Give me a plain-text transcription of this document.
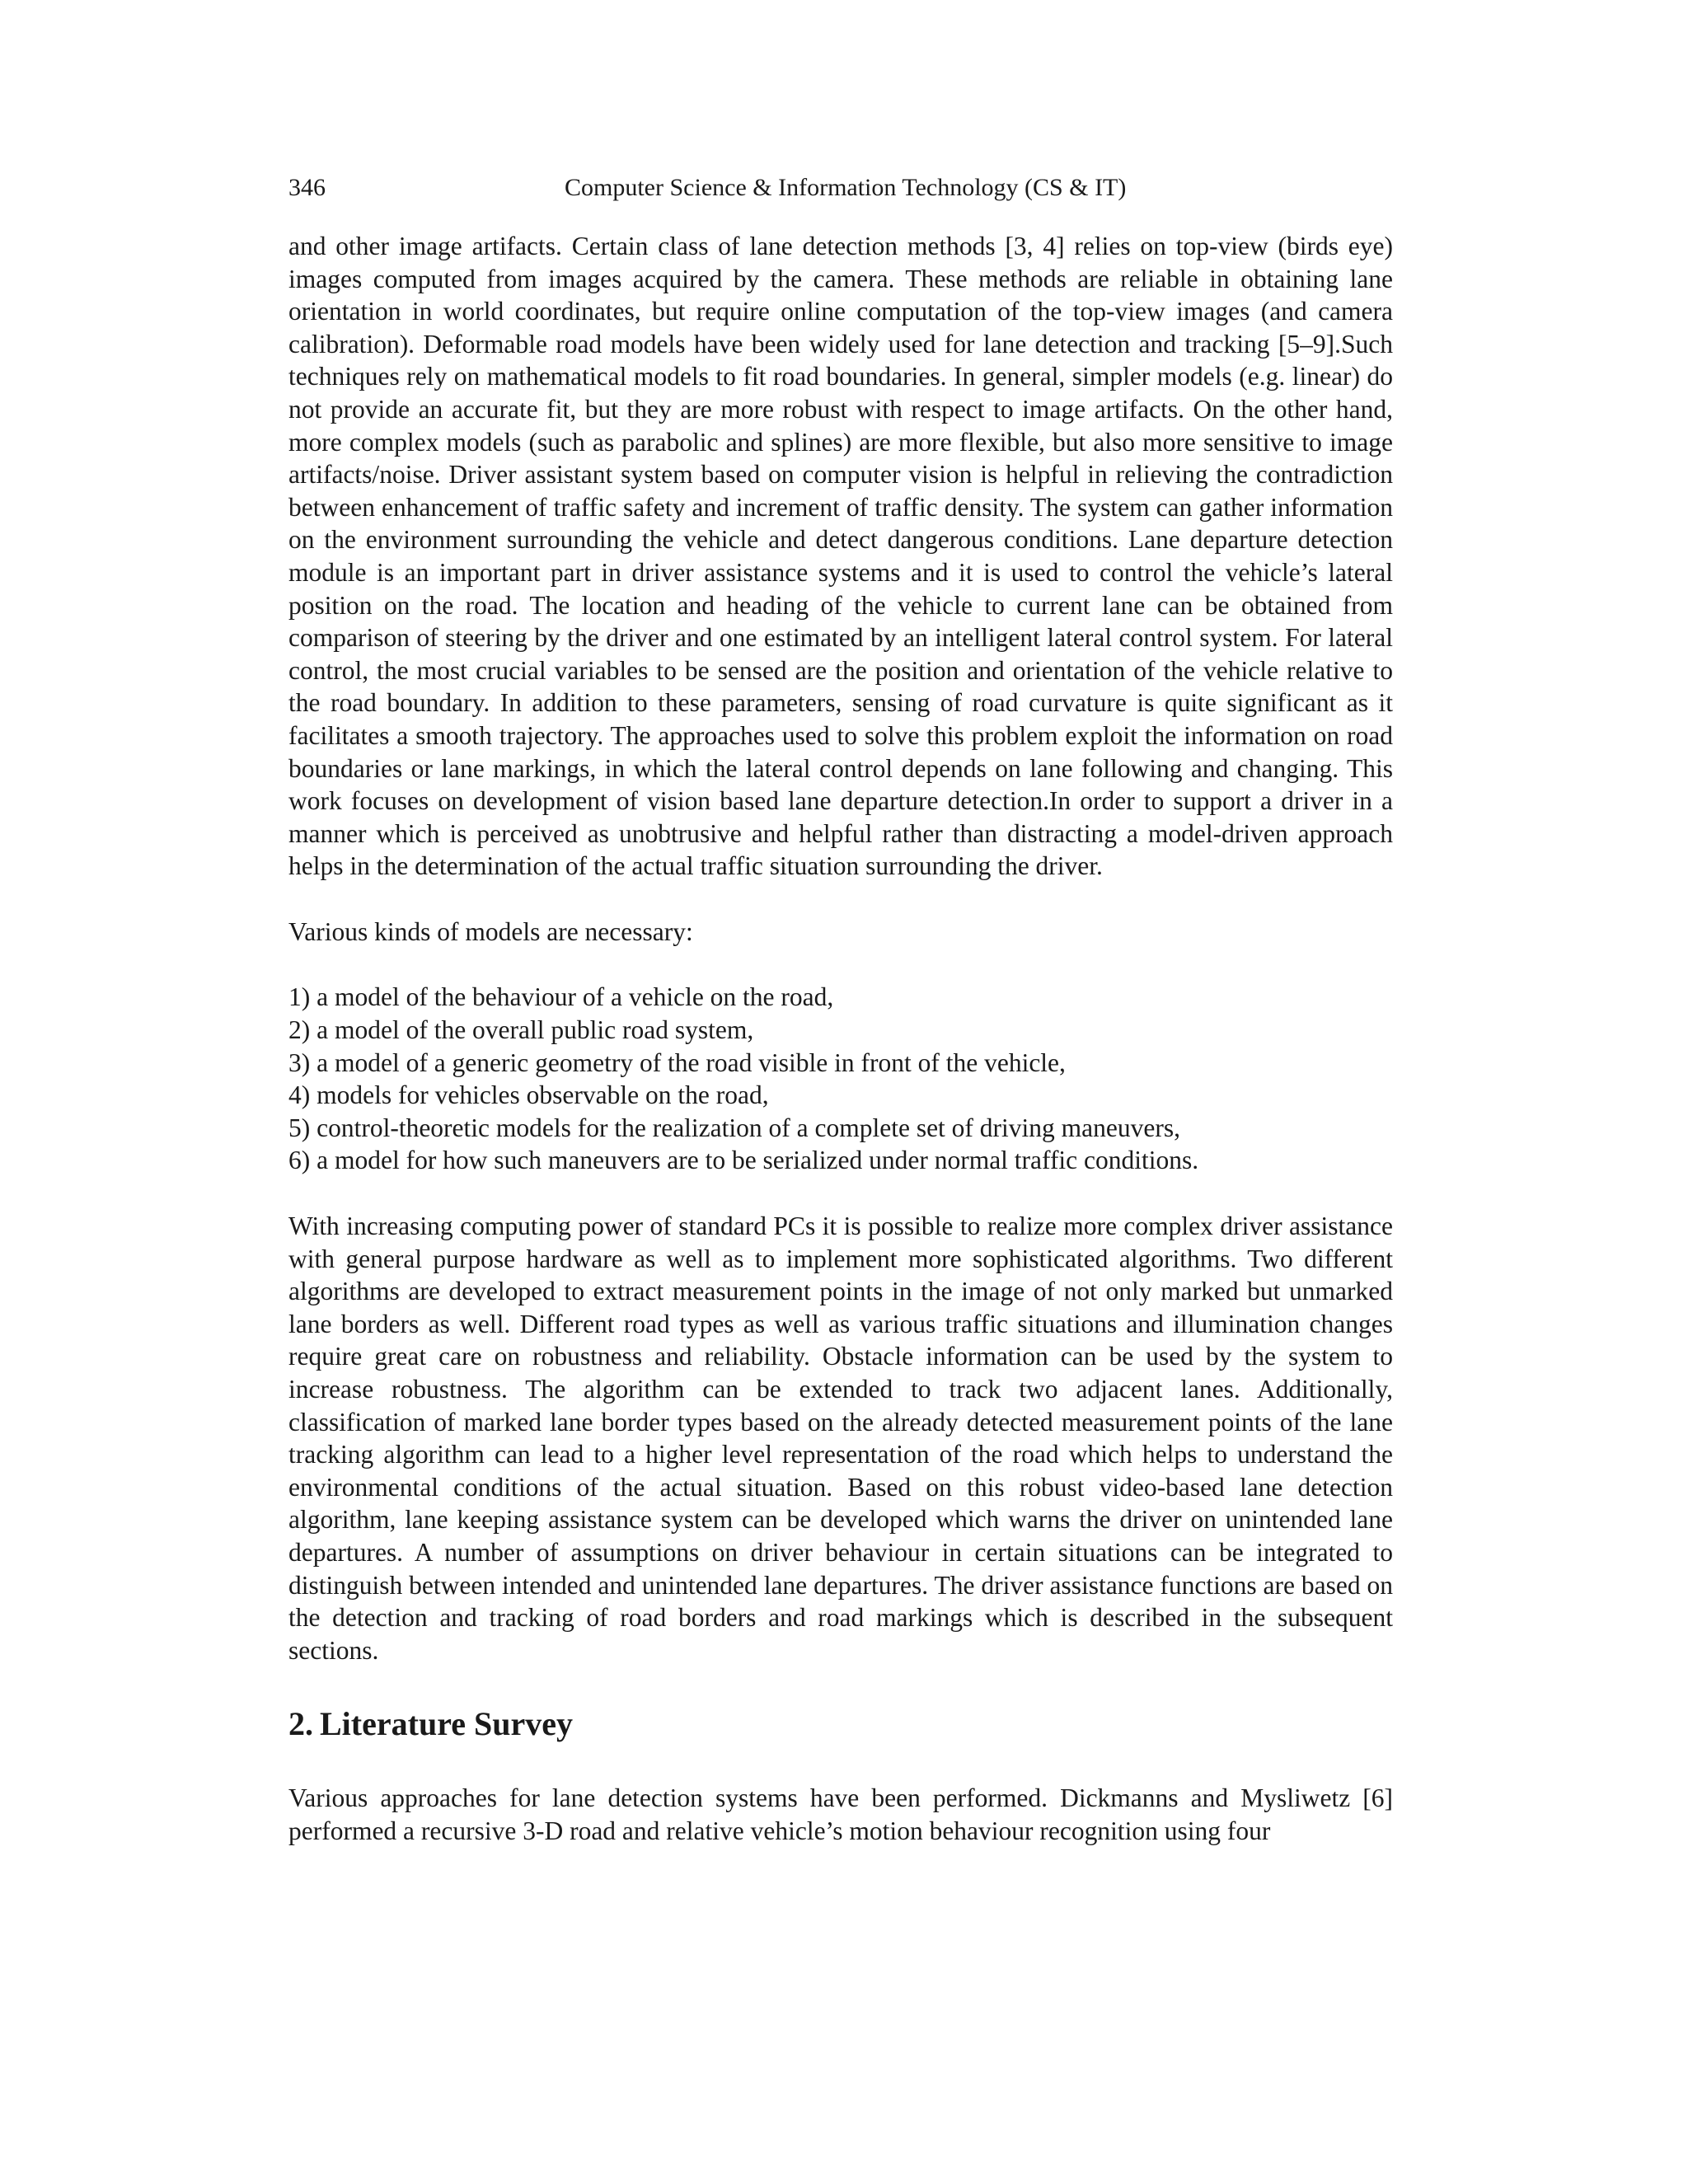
346	Computer Science & Information Technology (CS & IT)

and other image artifacts. Certain class of lane detection methods [3, 4] relies on top-view (birds eye) images computed from images acquired by the camera. These methods are reliable in obtaining lane orientation in world coordinates, but require online computation of the top-view images (and camera calibration). Deformable road models have been widely used for lane detection and tracking [5–9].Such techniques rely on mathematical models to fit road boundaries. In general, simpler models (e.g. linear) do not provide an accurate fit, but they are more robust with respect to image artifacts. On the other hand, more complex models (such as parabolic and splines) are more flexible, but also more sensitive to image artifacts/noise. Driver assistant system based on computer vision is helpful in relieving the contradiction between enhancement of traffic safety and increment of traffic density. The system can gather information on the environment surrounding the vehicle and detect dangerous conditions. Lane departure detection module is an important part in driver assistance systems and it is used to control the vehicle’s lateral position on the road. The location and heading of the vehicle to current lane can be obtained from comparison of steering by the driver and one estimated by an intelligent lateral control system. For lateral control, the most crucial variables to be sensed are the position and orientation of the vehicle relative to the road boundary. In addition to these parameters, sensing of road curvature is quite significant as it facilitates a smooth trajectory. The approaches used to solve this problem exploit the information on road boundaries or lane markings, in which the lateral control depends on lane following and changing. This work focuses on development of vision based lane departure detection.In order to support a driver in a manner which is perceived as unobtrusive and helpful rather than distracting a model-driven approach helps in the determination of the actual traffic situation surrounding the driver.

Various kinds of models are necessary:

1) a model of the behaviour of a vehicle on the road,
2) a model of the overall public road system,
3) a model of a generic geometry of the road visible in front of the vehicle,
4) models for vehicles observable on the road,
5) control-theoretic models for the realization of a complete set of driving maneuvers,
6) a model for how such maneuvers are to be serialized under normal traffic conditions.

With increasing computing power of standard PCs it is possible to realize more complex driver assistance with general purpose hardware as well as to implement more sophisticated algorithms. Two different algorithms are developed to extract measurement points in the image of not only marked but unmarked lane borders as well. Different road types as well as various traffic situations and illumination changes require great care on robustness and reliability. Obstacle information can be used by the system to increase robustness. The algorithm can be extended to track two adjacent lanes. Additionally, classification of marked lane border types based on the already detected measurement points of the lane tracking algorithm can lead to a higher level representation of the road which helps to understand the environmental conditions of the actual situation. Based on this robust video-based lane detection algorithm, lane keeping assistance system can be developed which warns the driver on unintended lane departures. A number of assumptions on driver behaviour in certain situations can be integrated to distinguish between intended and unintended lane departures. The driver assistance functions are based on the detection and tracking of road borders and road markings which is described in the subsequent sections.

2. Literature Survey

Various approaches for lane detection systems have been performed. Dickmanns and Mysliwetz [6] performed a recursive 3-D road and relative vehicle’s motion behaviour recognition using four
